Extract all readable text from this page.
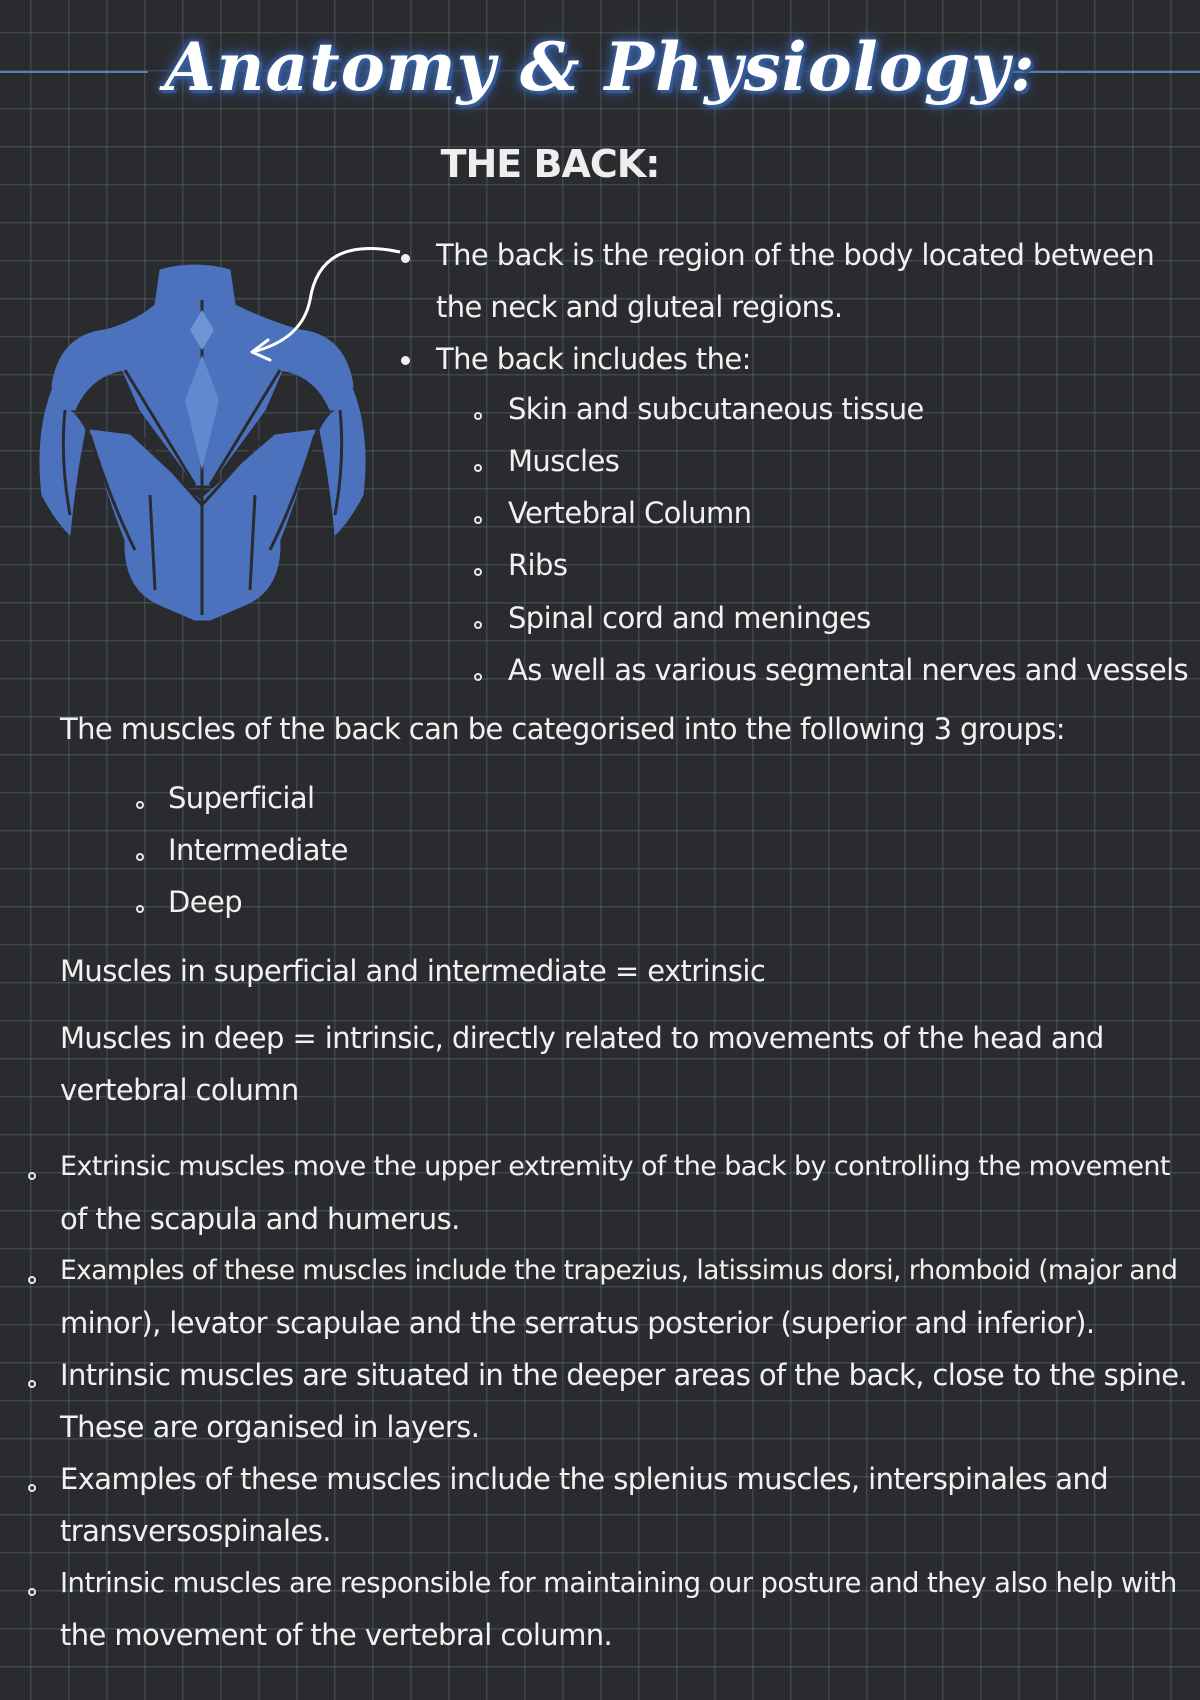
Anatomy & Physiology:
THE BACK:
The back is the region of the body located between
the neck and gluteal regions.
The back includes the:
Skin and subcutaneous tissue
Muscles
Vertebral Column
Ribs
Spinal cord and meninges
As well as various segmental nerves and vessels
The muscles of the back can be categorised into the following 3 groups:
Superficial
Intermediate
Deep
Muscles in superficial and intermediate = extrinsic
Muscles in deep = intrinsic, directly related to movements of the head and
vertebral column
Extrinsic muscles move the upper extremity of the back by controlling the movement
of the scapula and humerus.
Examples of these muscles include the trapezius, latissimus dorsi, rhomboid (major and
minor), levator scapulae and the serratus posterior (superior and inferior).
Intrinsic muscles are situated in the deeper areas of the back, close to the spine.
These are organised in layers.
Examples of these muscles include the splenius muscles, interspinales and
transversospinales.
Intrinsic muscles are responsible for maintaining our posture and they also help with
the movement of the vertebral column.
